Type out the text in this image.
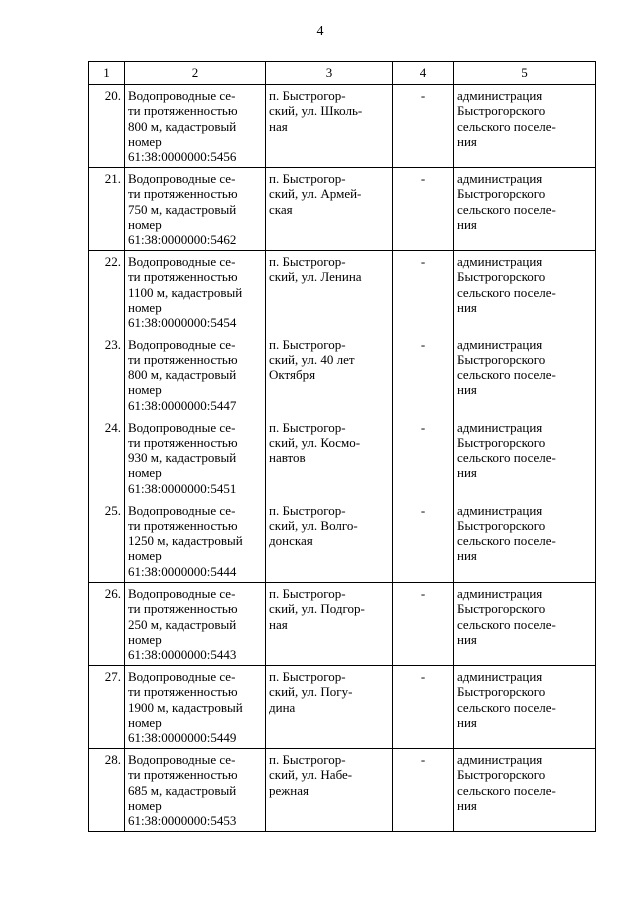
4
1	2	3	4	5
20.	Водопроводные се-
ти протяженностью
800 м, кадастровый
номер
61:38:0000000:5456	п. Быстрогор-
ский, ул. Школь-
ная	-	администрация
Быстрогорского
сельского поселе-
ния

21.	Водопроводные се-
ти протяженностью
750 м, кадастровый
номер
61:38:0000000:5462	п. Быстрогор-
ский, ул. Армей-
ская	-	администрация
Быстрогорского
сельского поселе-
ния

22.	Водопроводные се-
ти протяженностью
1100 м, кадастровый
номер
61:38:0000000:5454	п. Быстрогор-
ский, ул. Ленина	-	администрация
Быстрогорского
сельского поселе-
ния

23.	Водопроводные се-
ти протяженностью
800 м, кадастровый
номер
61:38:0000000:5447	п. Быстрогор-
ский, ул. 40 лет
Октября	-	администрация
Быстрогорского
сельского поселе-
ния

24.	Водопроводные се-
ти протяженностью
930 м, кадастровый
номер
61:38:0000000:5451	п. Быстрогор-
ский, ул. Космо-
навтов	-	администрация
Быстрогорского
сельского поселе-
ния

25.	Водопроводные се-
ти протяженностью
1250 м, кадастровый
номер
61:38:0000000:5444	п. Быстрогор-
ский, ул. Волго-
донская	-	администрация
Быстрогорского
сельского поселе-
ния

26.	Водопроводные се-
ти протяженностью
250 м, кадастровый
номер
61:38:0000000:5443	п. Быстрогор-
ский, ул. Подгор-
ная	-	администрация
Быстрогорского
сельского поселе-
ния

27.	Водопроводные се-
ти протяженностью
1900 м, кадастровый
номер
61:38:0000000:5449	п. Быстрогор-
ский, ул. Погу-
дина	-	администрация
Быстрогорского
сельского поселе-
ния

28.	Водопроводные се-
ти протяженностью
685 м, кадастровый
номер
61:38:0000000:5453	п. Быстрогор-
ский, ул. Набе-
режная	-	администрация
Быстрогорского
сельского поселе-
ния
